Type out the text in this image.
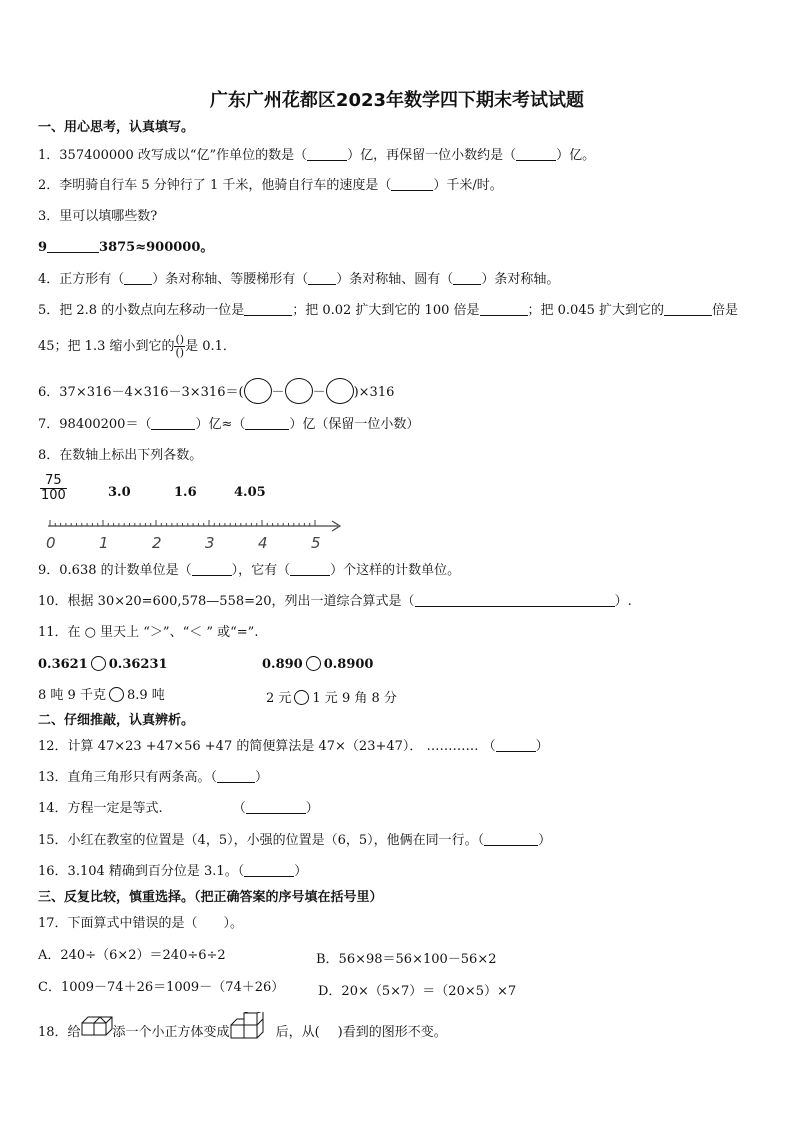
广东广州花都区2023年数学四下期末考试试题
一、用心思考，认真填写。
1．357400000 改写成以“亿”作单位的数是（	）亿，再保留一位小数约是（	）亿。
2．李明骑自行车 5 分钟行了 1 千米，他骑自行车的速度是（	）千米/时。
3．里可以填哪些数?
9	3875≈900000。
4．正方形有（ ）条对称轴、等腰梯形有（ ）条对称轴、圆有（ ）条对称轴。
5．把 2.8 的小数点向左移动一位是	；把 0.02 扩大到它的 100 倍是	；把 0.045 扩大到它的	倍是
45；把 1.3 缩小到它的 $\frac{()}{()}$ 是 0.1．
6．37×316－4×316－3×316＝( － － )×316
7．98400200＝（	）亿≈（	）亿（保留一位小数）
8．在数轴上标出下列各数。
$\frac{75}{100}$	3.0	1.6	4.05
0	1	2	3	4	5
9．0.638 的计数单位是（	），它有（	）个这样的计数单位。
10．根据 30×20=600,578—558=20，列出一道综合算式是（	）.
11．在 ○ 里天上 “＞”、“＜ ” 或“=”.
0.3621 0.36231	0.890 0.8900
8 吨 9 千克 8.9 吨	2 元 1 元 9 角 8 分
二、仔细推敲，认真辨析。
12．计算 47×23 +47×56 +47 的简便算法是 47×（23+47）． ………… （	）
13．直角三角形只有两条高。（	）
14．方程一定是等式.	（	）
15．小红在教室的位置是（4，5），小强的位置是（6，5），他俩在同一行。（	）
16．3.104 精确到百分位是 3.1。（	）
三、反复比较，慎重选择。（把正确答案的序号填在括号里）
17．下面算式中错误的是（　　）。
A．240÷（6×2）＝240÷6÷2	B．56×98＝56×100－56×2
C．1009－74＋26＝1009－（74＋26）	D．20×（5×7）＝（20×5）×7
18．给 添一个小正方体变成	后，从( )看到的图形不变。
